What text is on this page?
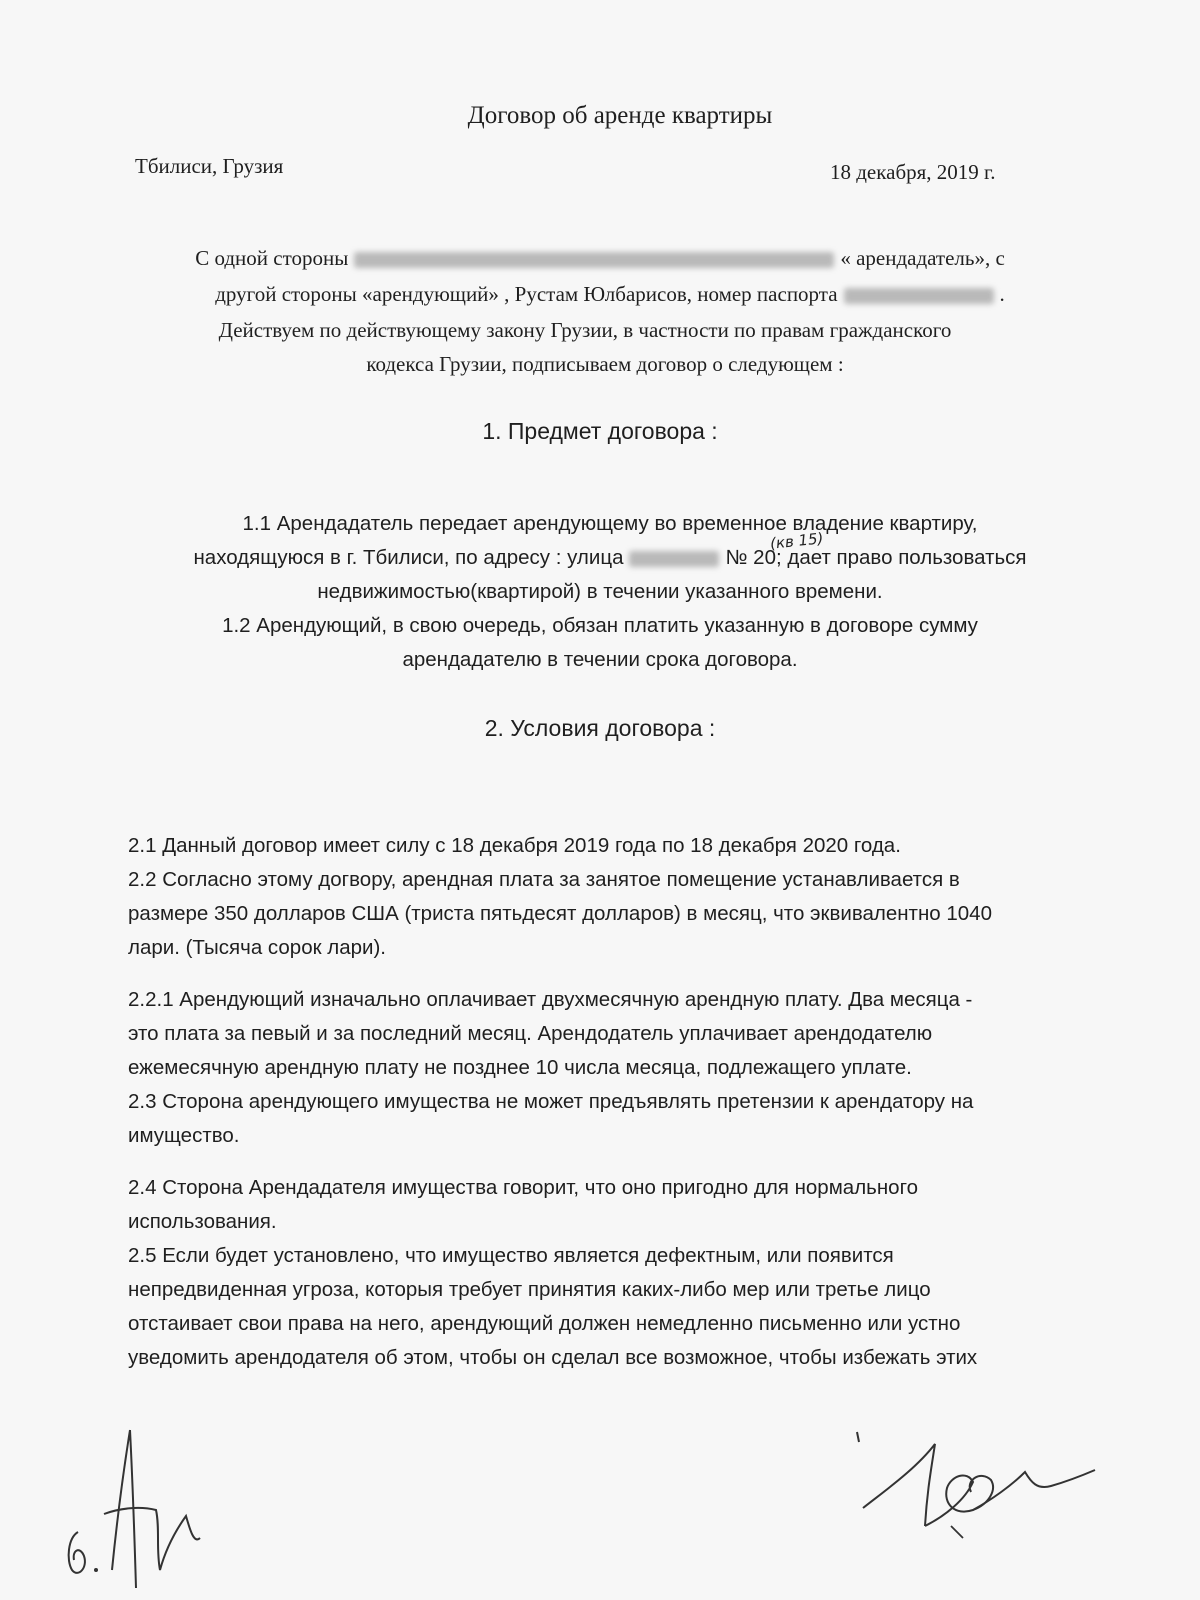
Договор об аренде квартиры
Тбилиси, Грузия	18 декабря, 2019 г.
С одной стороны	« арендадатель», с
другой стороны «арендующий» , Рустам Юлбарисов, номер паспорта	.
Действуем по действующему закону Грузии, в частности по правам гражданского
кодекса Грузии, подписываем договор о следующем :
1. Предмет договора :
1.1 Арендадатель передает арендующему во временное владение квартиру,
находящуюся в г. Тбилиси, по адресу : улица	№ 20; дает право пользоваться
(кв 15)
недвижимостью(квартирой) в течении указанного времени.
1.2 Арендующий, в свою очередь, обязан платить указанную в договоре сумму
арендадателю в течении срока договора.
2. Условия договора :
2.1 Данный договор имеет силу с 18 декабря 2019 года по 18 декабря 2020 года.
2.2 Согласно этому догвору, арендная плата за занятое помещение устанавливается в
размере 350 долларов США (триста пятьдесят долларов) в месяц, что эквивалентно 1040
лари. (Тысяча сорок лари).
2.2.1 Арендующий изначально оплачивает двухмесячную арендную плату. Два месяца -
это плата за певый и за последний месяц. Арендодатель уплачивает арендодателю
ежемесячную арендную плату не позднее 10 числа месяца, подлежащего уплате.
2.3 Сторона арендующего имущества не может предъявлять претензии к арендатору на
имущество.
2.4 Сторона Арендадателя имущества говорит, что оно пригодно для нормального
использования.
2.5 Если будет установлено, что имущество является дефектным, или появится
непредвиденная угроза, которыя требует принятия каких-либо мер или третье лицо
отстаивает свои права на него, арендующий должен немедленно письменно или устно
уведомить арендодателя об этом, чтобы он сделал все возможное, чтобы избежать этих
